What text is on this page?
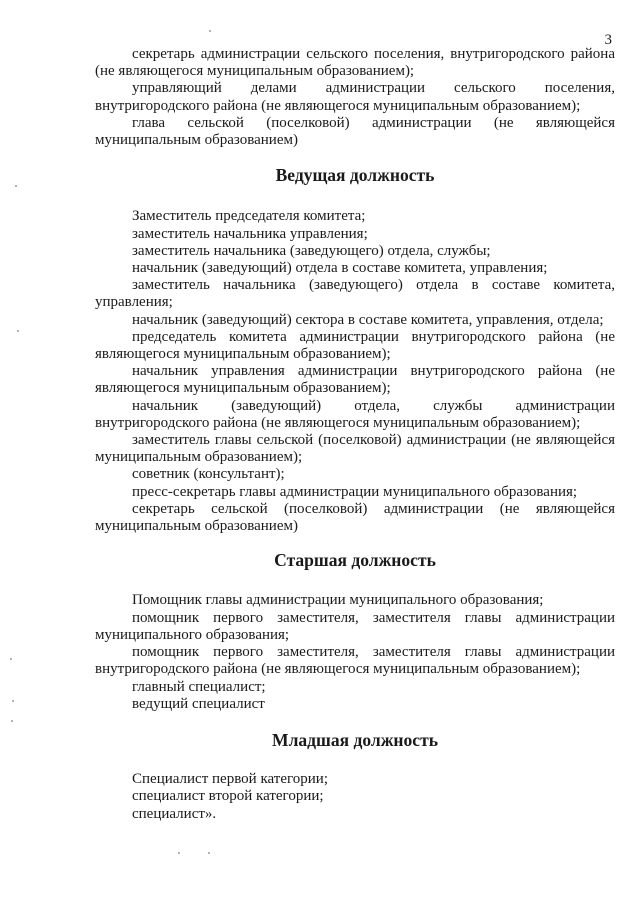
3

секретарь администрации сельского поселения, внутригородского района (не являющегося муниципальным образованием);

управляющий делами администрации сельского поселения, внутригородского района (не являющегося муниципальным образованием);

глава сельской (поселковой) администрации (не являющейся муниципальным образованием)

Ведущая должность

Заместитель председателя комитета;

заместитель начальника управления;

заместитель начальника (заведующего) отдела, службы;

начальник (заведующий) отдела в составе комитета, управления;

заместитель начальника (заведующего) отдела в составе комитета, управления;

начальник (заведующий) сектора в составе комитета, управления, отдела;

председатель комитета администрации внутригородского района (не являющегося муниципальным образованием);

начальник управления администрации внутригородского района (не являющегося муниципальным образованием);

начальник (заведующий) отдела, службы администрации внутригородского района (не являющегося муниципальным образованием);

заместитель главы сельской (поселковой) администрации (не являющейся муниципальным образованием);

советник (консультант);

пресс-секретарь главы администрации муниципального образования;

секретарь сельской (поселковой) администрации (не являющейся муниципальным образованием)

Старшая должность

Помощник главы администрации муниципального образования;

помощник первого заместителя, заместителя главы администрации муниципального образования;

помощник первого заместителя, заместителя главы администрации внутригородского района (не являющегося муниципальным образованием);

главный специалист;

ведущий специалист

Младшая должность

Специалист первой категории;

специалист второй категории;

специалист».
